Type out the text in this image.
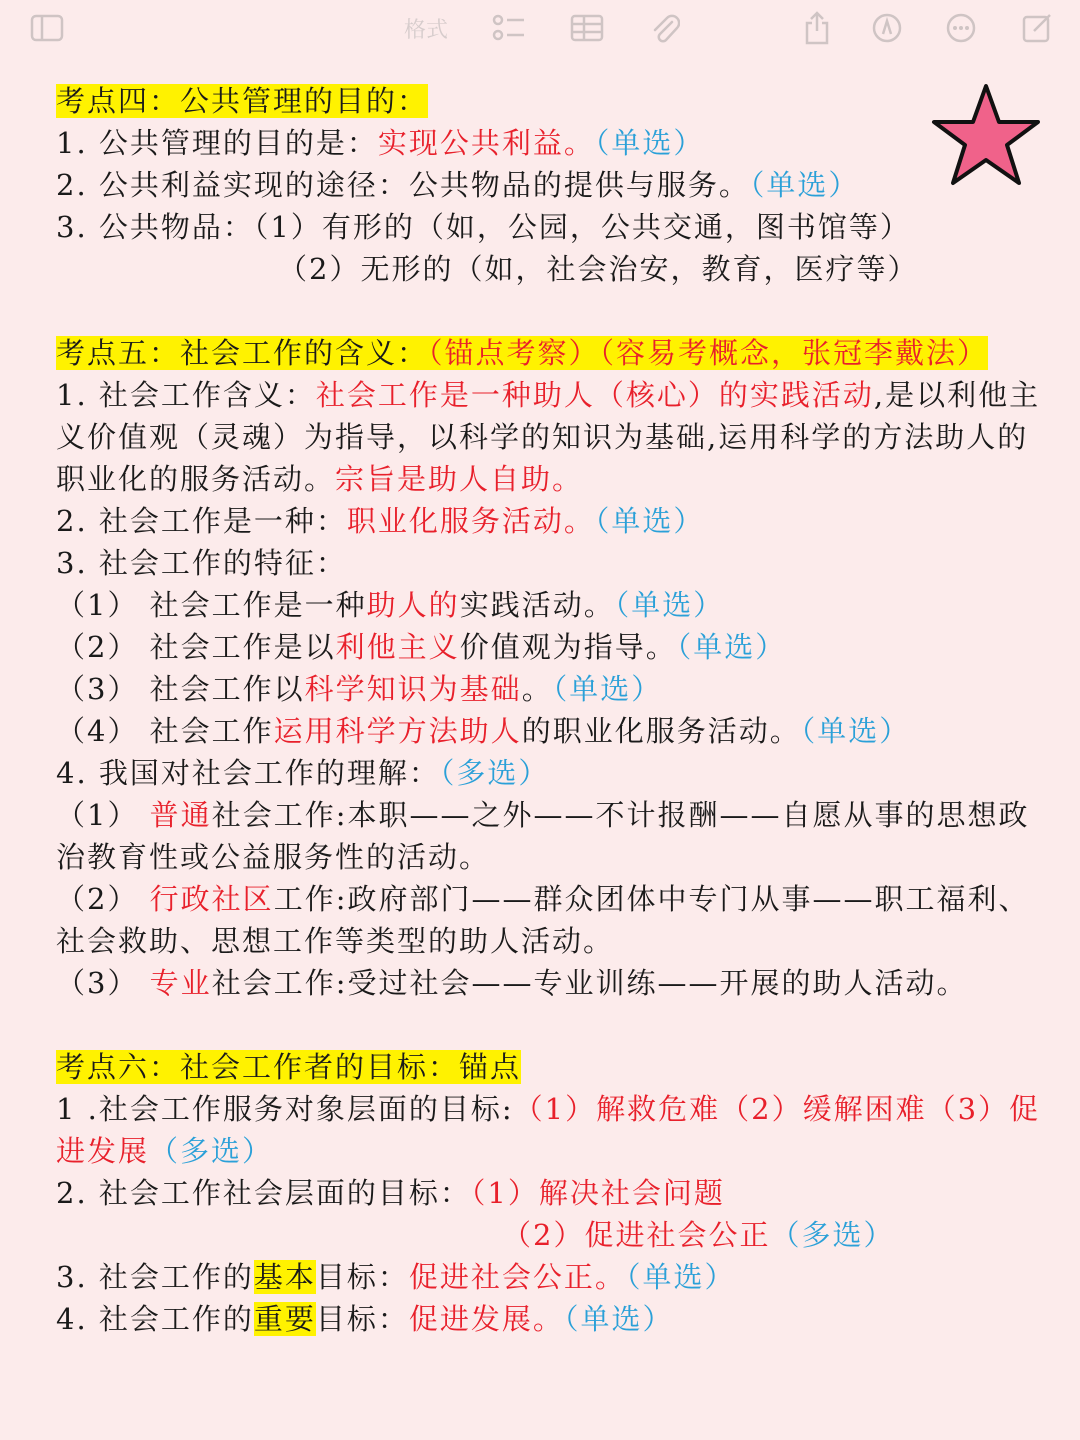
格式
考点四：公共管理的目的：
1. 公共管理的目的是：实现公共利益。（单选）
2. 公共利益实现的途径：公共物品的提供与服务。（单选）
3. 公共物品：（1）有形的（如，公园，公共交通，图书馆等）
（2）无形的（如，社会治安，教育，医疗等）
考点五：社会工作的含义：（锚点考察）（容易考概念，张冠李戴法）
1. 社会工作含义：社会工作是一种助人（核心）的实践活动,是以利他主义价值观（灵魂）为指导，以科学的知识为基础,运用科学的方法助人的职业化的服务活动。宗旨是助人自助。
2. 社会工作是一种：职业化服务活动。（单选）
3. 社会工作的特征：
（1） 社会工作是一种助人的实践活动。（单选）
（2） 社会工作是以利他主义价值观为指导。（单选）
（3） 社会工作以科学知识为基础。（单选）
（4） 社会工作运用科学方法助人的职业化服务活动。（单选）
4. 我国对社会工作的理解：（多选）
（1） 普通社会工作:本职——之外——不计报酬——自愿从事的思想政治教育性或公益服务性的活动。
（2） 行政社区工作:政府部门——群众团体中专门从事——职工福利、社会救助、思想工作等类型的助人活动。
（3） 专业社会工作:受过社会——专业训练——开展的助人活动。
考点六：社会工作者的目标：锚点
1 .社会工作服务对象层面的目标:（1）解救危难（2）缓解困难（3）促进发展（多选）
2. 社会工作社会层面的目标：（1）解决社会问题
（2）促进社会公正（多选）
3. 社会工作的基本目标：促进社会公正。（单选）
4. 社会工作的重要目标：促进发展。（单选）
